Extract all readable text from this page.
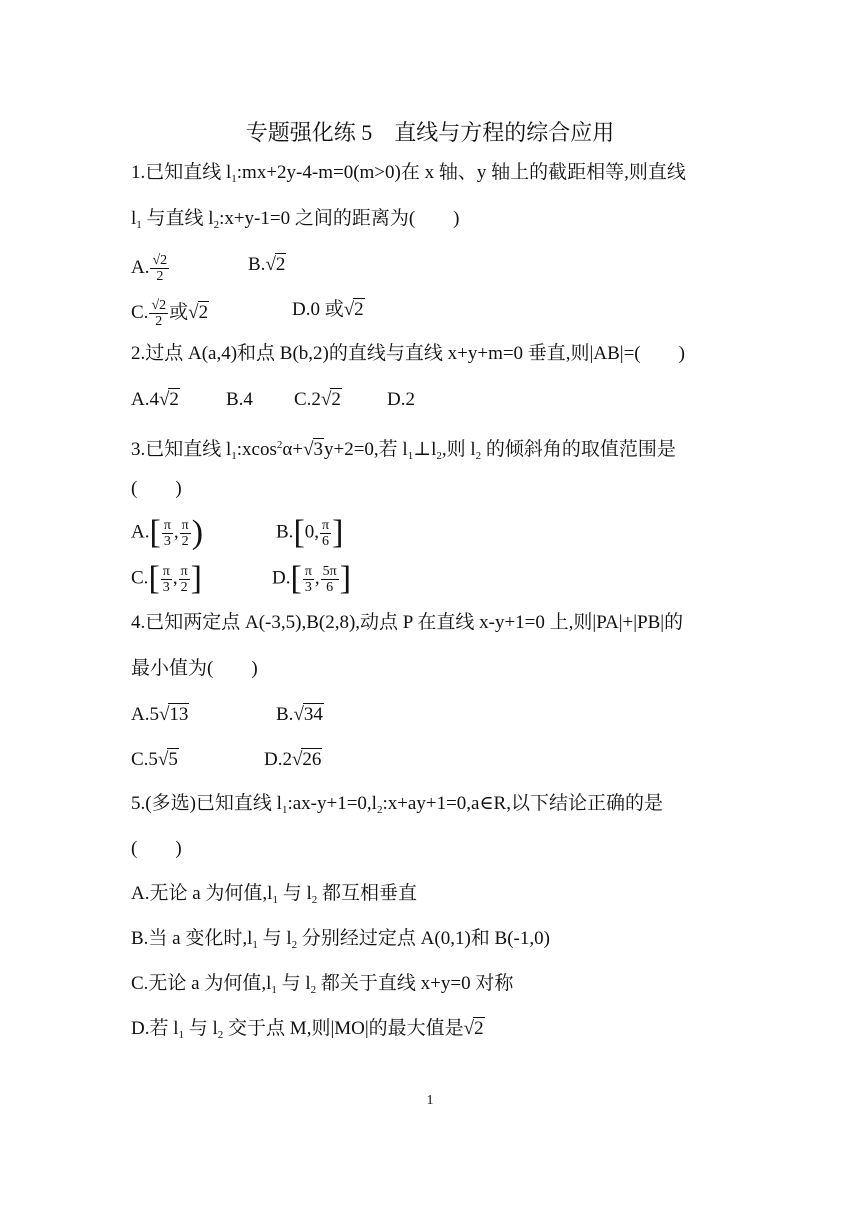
专题强化练 5　直线与方程的综合应用
1.已知直线 $l_1:mx+2y-4-m=0(m>0)$在 x 轴、y 轴上的截距相等,则直线
$l_1$ 与直线 $l_2:x+y-1=0$ 之间的距离为(　　)
A. $\frac{√2}{2}$	B.√2
C. $\frac{√2}{2}$ 或√2	D.0 或√2
2.过点 A(a,4)和点 B(b,2)的直线与直线 x+y+m=0 垂直,则|AB|=(　　)
A.4√2 B.4 C.2√2 D.2
3.已知直线 $l_1:xcos^2\alpha+√3y+2=0$,若 $l_1\perp l_2$,则 $l_2$ 的倾斜角的取值范围是
(　　)
$A.[ \frac{\pi}{3}$ , $\frac{\pi}{2}$ )	B.[0, $\frac{\pi}{6}$ ]
$C.[ \frac{\pi}{3}$ , $\frac{\pi}{2}$ ]	$D.[ \frac{\pi}{3}$ , $\frac{5\pi}{6}$ ]
4.已知两定点 A(-3,5),B(2,8),动点 P 在直线 x-y+1=0 上,则|PA|+|PB|的
最小值为(　　)
A.5√13	B.√34
C.5√5	D.2√26
5.(多选)已知直线 $l_1:ax-y+1=0,l_2:x+ay+1=0,a\in R$,以下结论正确的是
(　　)
A.无论 a 为何值$,l_1$ 与 $l_2$ 都互相垂直
B.当 a 变化时$,l_1$ 与 $l_2$ 分别经过定点 A(0,1)和 B(-1,0)
C.无论 a 为何值$,l_1$ 与 $l_2$ 都关于直线 x+y=0 对称
D.若 $l_1$ 与 $l_2$ 交于点 M,则|MO|的最大值是√2
1
